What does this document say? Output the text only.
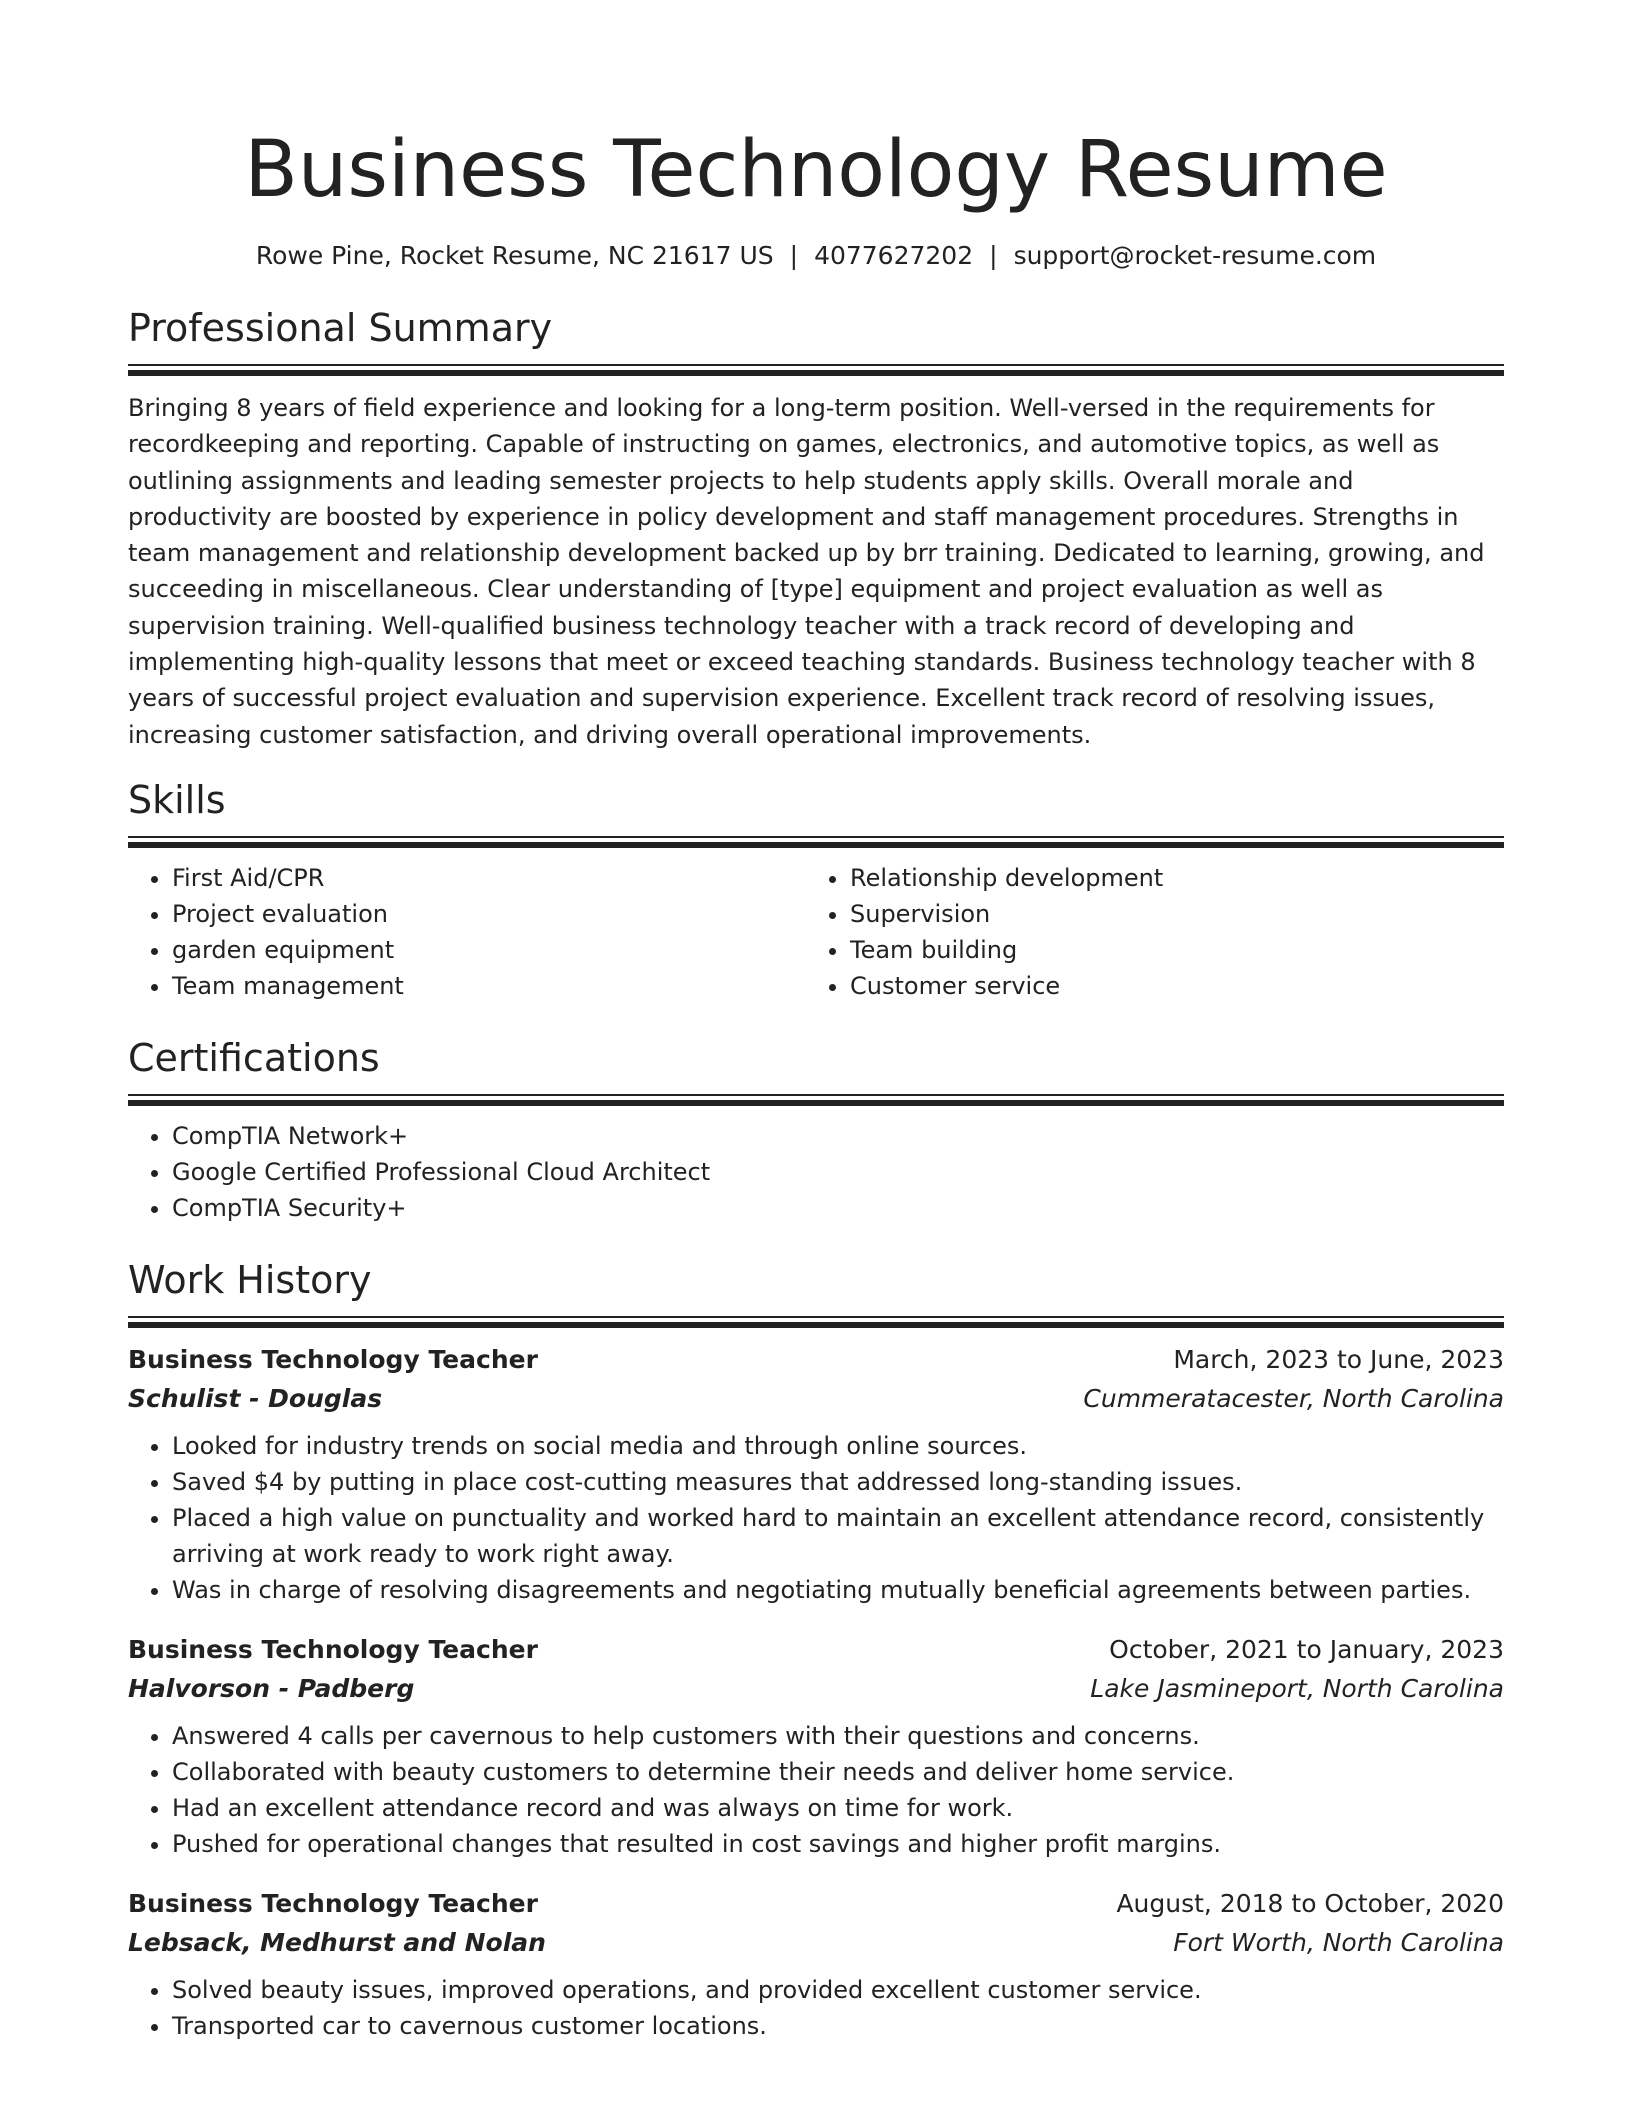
Business Technology Resume
Rowe Pine, Rocket Resume, NC 21617 US | 4077627202 | support@rocket-resume.com
Professional Summary

Bringing 8 years of field experience and looking for a long-term position. Well-versed in the requirements for recordkeeping and reporting. Capable of instructing on games, electronics, and automotive topics, as well as outlining assignments and leading semester projects to help students apply skills. Overall morale and productivity are boosted by experience in policy development and staff management procedures. Strengths in team management and relationship development backed up by brr training. Dedicated to learning, growing, and succeeding in miscellaneous. Clear understanding of [type] equipment and project evaluation as well as supervision training. Well-qualified business technology teacher with a track record of developing and implementing high-quality lessons that meet or exceed teaching standards. Business technology teacher with 8 years of successful project evaluation and supervision experience. Excellent track record of resolving issues, increasing customer satisfaction, and driving overall operational improvements.

Skills
• First Aid/CPR
• Project evaluation
• garden equipment
• Team management
• Relationship development
• Supervision
• Team building
• Customer service
Certifications
• CompTIA Network+
• Google Certified Professional Cloud Architect
• CompTIA Security+
Work History
Business Technology Teacher	March, 2023 to June, 2023
Schulist - Douglas	Cummeratacester, North Carolina
• Looked for industry trends on social media and through online sources.
• Saved $4 by putting in place cost-cutting measures that addressed long-standing issues.
• Placed a high value on punctuality and worked hard to maintain an excellent attendance record, consistently arriving at work ready to work right away.
• Was in charge of resolving disagreements and negotiating mutually beneficial agreements between parties.
Business Technology Teacher	October, 2021 to January, 2023
Halvorson - Padberg	Lake Jasmineport, North Carolina
• Answered 4 calls per cavernous to help customers with their questions and concerns.
• Collaborated with beauty customers to determine their needs and deliver home service.
• Had an excellent attendance record and was always on time for work.
• Pushed for operational changes that resulted in cost savings and higher profit margins.
Business Technology Teacher	August, 2018 to October, 2020
Lebsack, Medhurst and Nolan	Fort Worth, North Carolina
• Solved beauty issues, improved operations, and provided excellent customer service.
• Transported car to cavernous customer locations.
